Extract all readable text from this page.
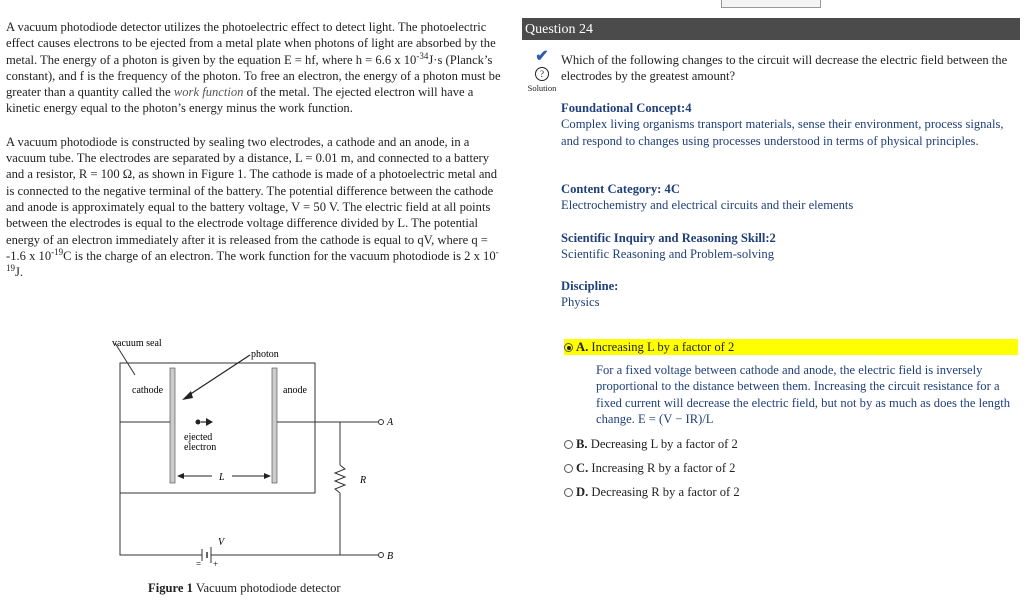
A vacuum photodiode detector utilizes the photoelectric effect to detect light. The photoelectric effect causes electrons to be ejected from a metal plate when photons of light are absorbed by the metal. The energy of a photon is given by the equation E = hf, where h = 6.6 x $10^{-34}J\cdot s$ (Planck’s constant), and f is the frequency of the photon. To free an electron, the energy of a photon must be greater than a quantity called the work function of the metal. The ejected electron will have a kinetic energy equal to the photon’s energy minus the work function.

A vacuum photodiode is constructed by sealing two electrodes, a cathode and an anode, in a vacuum tube. The electrodes are separated by a distance, L = 0.01 m, and connected to a battery and a resistor, R = 100 Ω, as shown in Figure 1. The cathode is made of a photoelectric metal and is connected to the negative terminal of the battery. The potential difference between the cathode and anode is approximately equal to the battery voltage, V = 50 V. The electric field at all points between the electrodes is equal to the electrode voltage difference divided by L. The potential energy of an electron immediately after it is released from the cathode is equal to qV, where q = -1.6 x $10^{-19}C$ is the charge of an electron. The work function for the vacuum photodiode is 2 x $10^{-19}J$.

vacuum seal
cathode	anode
photon
ejected
electron
L	R
A
= +
V
B
Figure 1 Vacuum photodiode detector
Question 24
✔
?
Solution
Which of the following changes to the circuit will decrease the electric field between the electrodes by the greatest amount?
Foundational Concept:4
Complex living organisms transport materials, sense their environment, process signals, and respond to changes using processes understood in terms of physical principles.
Content Category: 4C
Electrochemistry and electrical circuits and their elements
Scientific Inquiry and Reasoning Skill:2
Scientific Reasoning and Problem-solving
Discipline:
Physics
A. Increasing L by a factor of 2
For a fixed voltage between cathode and anode, the electric field is inversely proportional to the distance between them. Increasing the circuit resistance for a fixed current will decrease the electric field, but not by as much as does the length change. E = (V − IR)/L
B. Decreasing L by a factor of 2
C. Increasing R by a factor of 2
D. Decreasing R by a factor of 2
